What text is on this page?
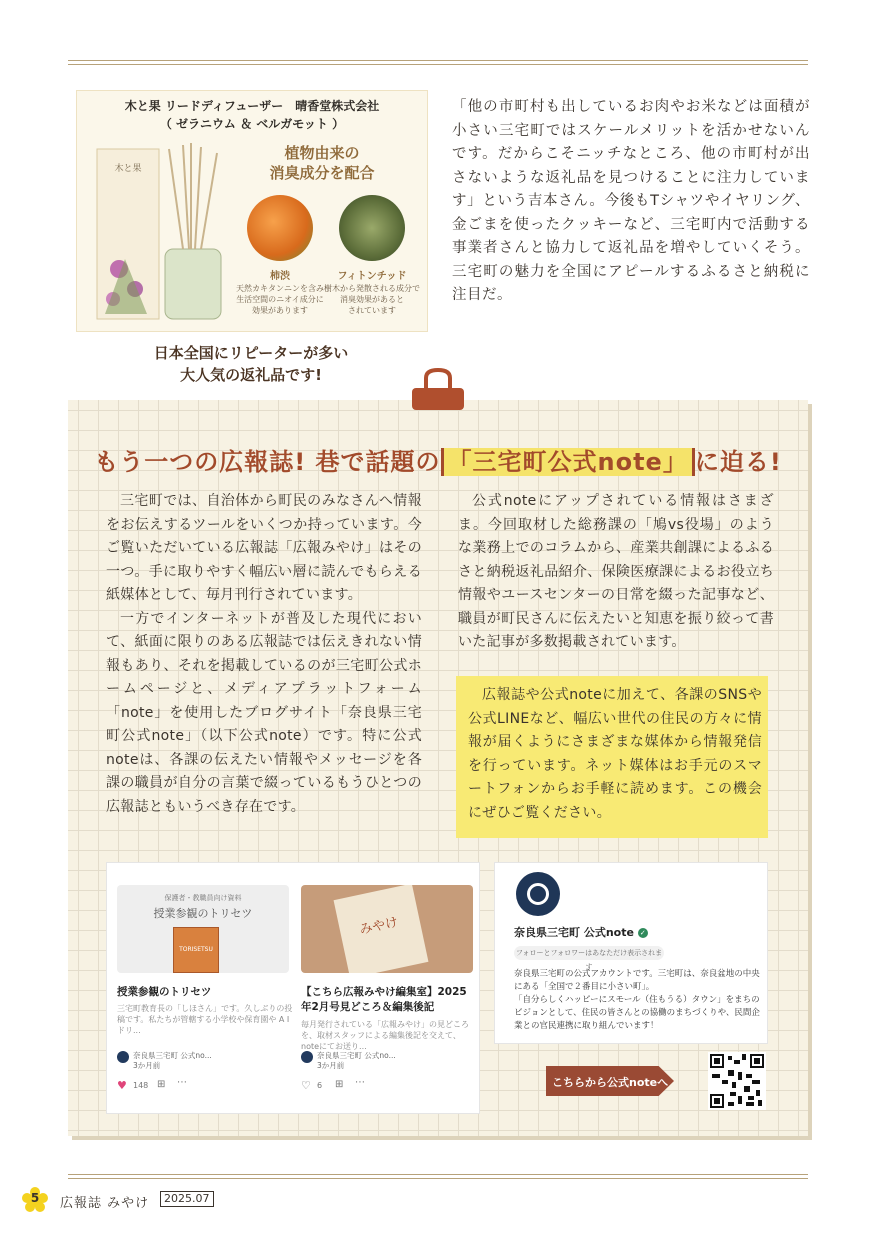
木と果 リードディフューザー　晴香堂株式会社
（ ゼラニウム ＆ ベルガモット ）
木と果
植物由来の
消臭成分を配合
柿渋
天然カキタンニンを含み
生活空間のニオイ成分に
効果があります
フィトンチッド
樹木から発散される成分で
消臭効果があると
されています
日本全国にリピーターが多い
大人気の返礼品です!
「他の市町村も出しているお肉やお米などは面積が小さい三宅町ではスケールメリットを活かせないんです。だからこそニッチなところ、他の市町村が出さないような返礼品を見つけることに注力しています」という吉本さん。今後もTシャツやイヤリング、金ごまを使ったクッキーなど、三宅町内で活動する事業者さんと協力して返礼品を増やしていくそう。三宅町の魅力を全国にアピールするふるさと納税に注目だ。
もう一つの広報誌! 巷で話題の 「三宅町公式note」 に迫る!

三宅町では、自治体から町民のみなさんへ情報をお伝えするツールをいくつか持っています。今ご覧いただいている広報誌「広報みやけ」はその一つ。手に取りやすく幅広い層に読んでもらえる紙媒体として、毎月刊行されています。

一方でインターネットが普及した現代において、紙面に限りのある広報誌では伝えきれない情報もあり、それを掲載しているのが三宅町公式ホームページと、メディアプラットフォーム「note」を使用したブログサイト「奈良県三宅町公式note」（以下公式note）です。特に公式noteは、各課の伝えたい情報やメッセージを各課の職員が自分の言葉で綴っているもうひとつの広報誌ともいうべき存在です。

公式noteにアップされている情報はさまざま。今回取材した総務課の「鳩vs役場」のような業務上でのコラムから、産業共創課によるふるさと納税返礼品紹介、保険医療課によるお役立ち情報やユースセンターの日常を綴った記事など、職員が町民さんに伝えたいと知恵を振り絞って書いた記事が多数掲載されています。

広報誌や公式noteに加えて、各課のSNSや公式LINEなど、幅広い世代の住民の方々に情報が届くようにさまざまな媒体から情報発信を行っています。ネット媒体はお手元のスマートフォンからお手軽に読めます。この機会にぜひご覧ください。

保護者・教職員向け資料
授業参観のトリセツ
TORISETSU
授業参観のトリセツ
三宅町教育長の「しほさん」です。久しぶりの投稿です。私たちが管轄する小学校や保育園や A I ドリ...
奈良県三宅町 公式no...
3か月前
♥ 148 ⊞ ⋯
みやけ
【こちら広報みやけ編集室】2025年2月号見どころ＆編集後記
毎月発行されている「広報みやけ」の見どころを、取材スタッフによる編集後記を交えて、noteにてお送り...
奈良県三宅町 公式no...
3か月前
♡ 6 ⊞ ⋯
奈良県三宅町 公式note ✓
フォローとフォロワーはあなただけ表示されます
奈良県三宅町の公式アカウントです。三宅町は、奈良盆地の中央にある「全国で２番目に小さい町」。
「自分らしくハッピーにスモール（住もうる）タウン」をまちのビジョンとして、住民の皆さんとの協働のまちづくりや、民間企業との官民連携に取り組んでいます！
こちらから公式noteへ
5	広報誌 みやけ	2025.07
